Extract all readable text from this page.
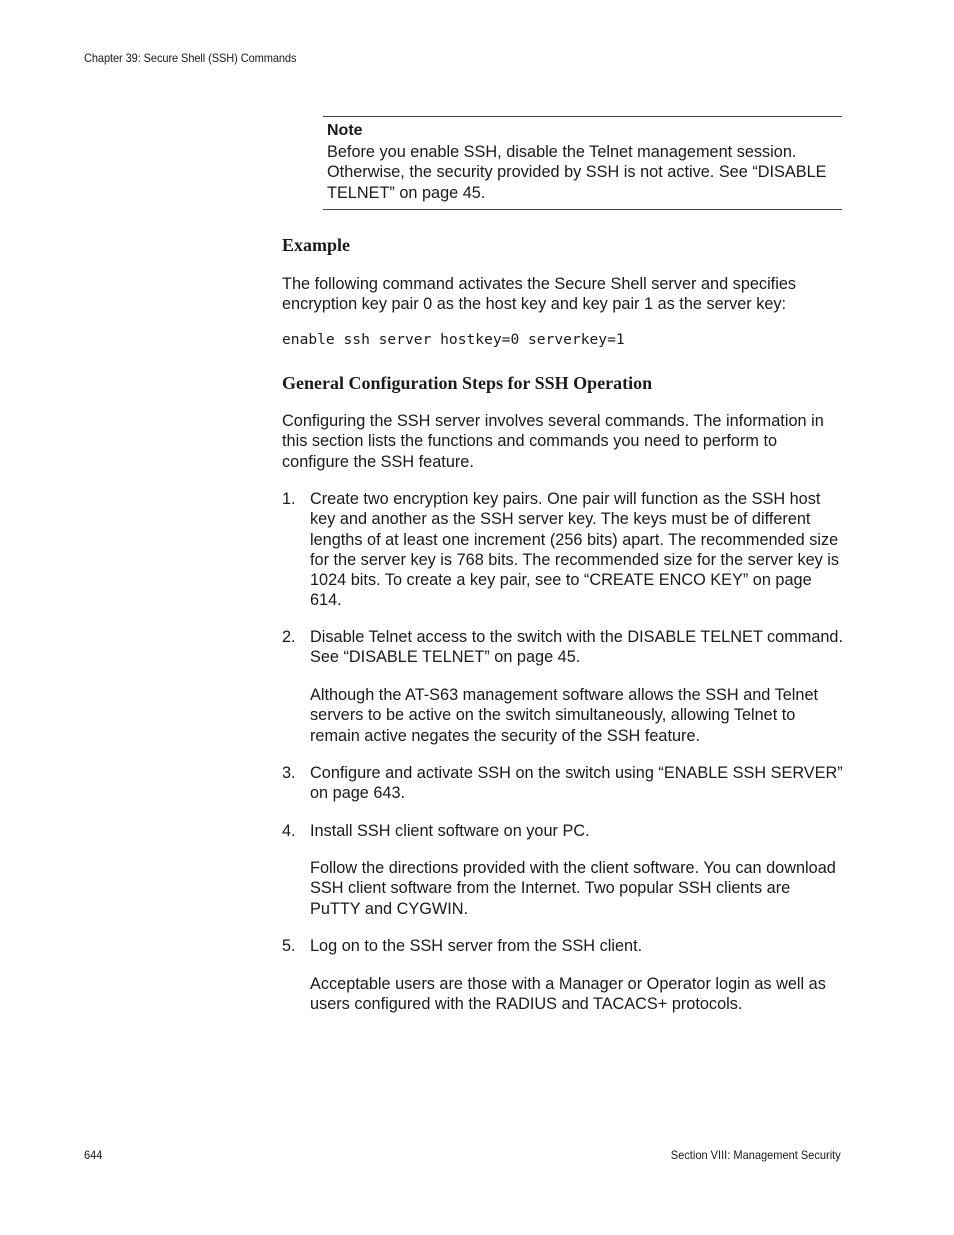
Chapter 39: Secure Shell (SSH) Commands
Note
Before you enable SSH, disable the Telnet management session. Otherwise, the security provided by SSH is not active. See “DISABLE TELNET” on page 45.
Example
The following command activates the Secure Shell server and specifies encryption key pair 0 as the host key and key pair 1 as the server key:
enable ssh server hostkey=0 serverkey=1
General Configuration Steps for SSH Operation
Configuring the SSH server involves several commands. The information in this section lists the functions and commands you need to perform to configure the SSH feature.
1. Create two encryption key pairs. One pair will function as the SSH host key and another as the SSH server key. The keys must be of different lengths of at least one increment (256 bits) apart. The recommended size for the server key is 768 bits. The recommended size for the server key is 1024 bits. To create a key pair, see to “CREATE ENCO KEY” on page 614.
2. Disable Telnet access to the switch with the DISABLE TELNET command. See “DISABLE TELNET” on page 45.
Although the AT-S63 management software allows the SSH and Telnet servers to be active on the switch simultaneously, allowing Telnet to remain active negates the security of the SSH feature.
3. Configure and activate SSH on the switch using “ENABLE SSH SERVER” on page 643.
4. Install SSH client software on your PC.
Follow the directions provided with the client software. You can download SSH client software from the Internet. Two popular SSH clients are PuTTY and CYGWIN.
5. Log on to the SSH server from the SSH client.
Acceptable users are those with a Manager or Operator login as well as users configured with the RADIUS and TACACS+ protocols.
644	Section VIII: Management Security
